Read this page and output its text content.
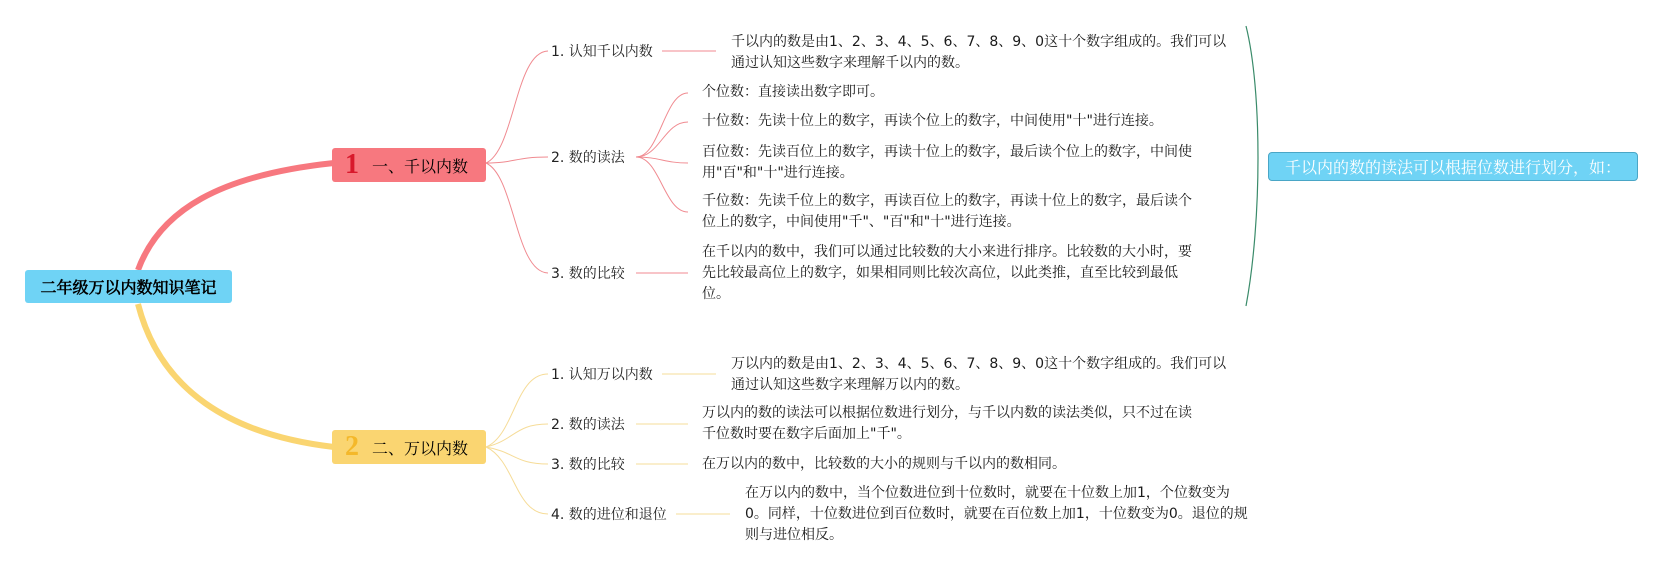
二年级万以内数知识笔记
1 一、千以内数
1. 认知千以内数
千以内的数是由1、2、3、4、5、6、7、8、9、0这十个数字组成的。我们可以通过认知这些数字来理解千以内的数。
2. 数的读法
个位数：直接读出数字即可。
十位数：先读十位上的数字，再读个位上的数字，中间使用"十"进行连接。
百位数：先读百位上的数字，再读十位上的数字，最后读个位上的数字，中间使用"百"和"十"进行连接。
千位数：先读千位上的数字，再读百位上的数字，再读十位上的数字，最后读个位上的数字，中间使用"千"、"百"和"十"进行连接。
3. 数的比较
在千以内的数中，我们可以通过比较数的大小来进行排序。比较数的大小时，要先比较最高位上的数字，如果相同则比较次高位，以此类推，直至比较到最低位。
2 二、万以内数
1. 认知万以内数
万以内的数是由1、2、3、4、5、6、7、8、9、0这十个数字组成的。我们可以通过认知这些数字来理解万以内的数。
2. 数的读法
万以内的数的读法可以根据位数进行划分，与千以内数的读法类似，只不过在读千位数时要在数字后面加上"千"。
3. 数的比较	在万以内的数中，比较数的大小的规则与千以内的数相同。
4. 数的进位和退位
在万以内的数中，当个位数进位到十位数时，就要在十位数上加1，个位数变为0。同样，十位数进位到百位数时，就要在百位数上加1，十位数变为0。退位的规则与进位相反。
千以内的数的读法可以根据位数进行划分，如：
